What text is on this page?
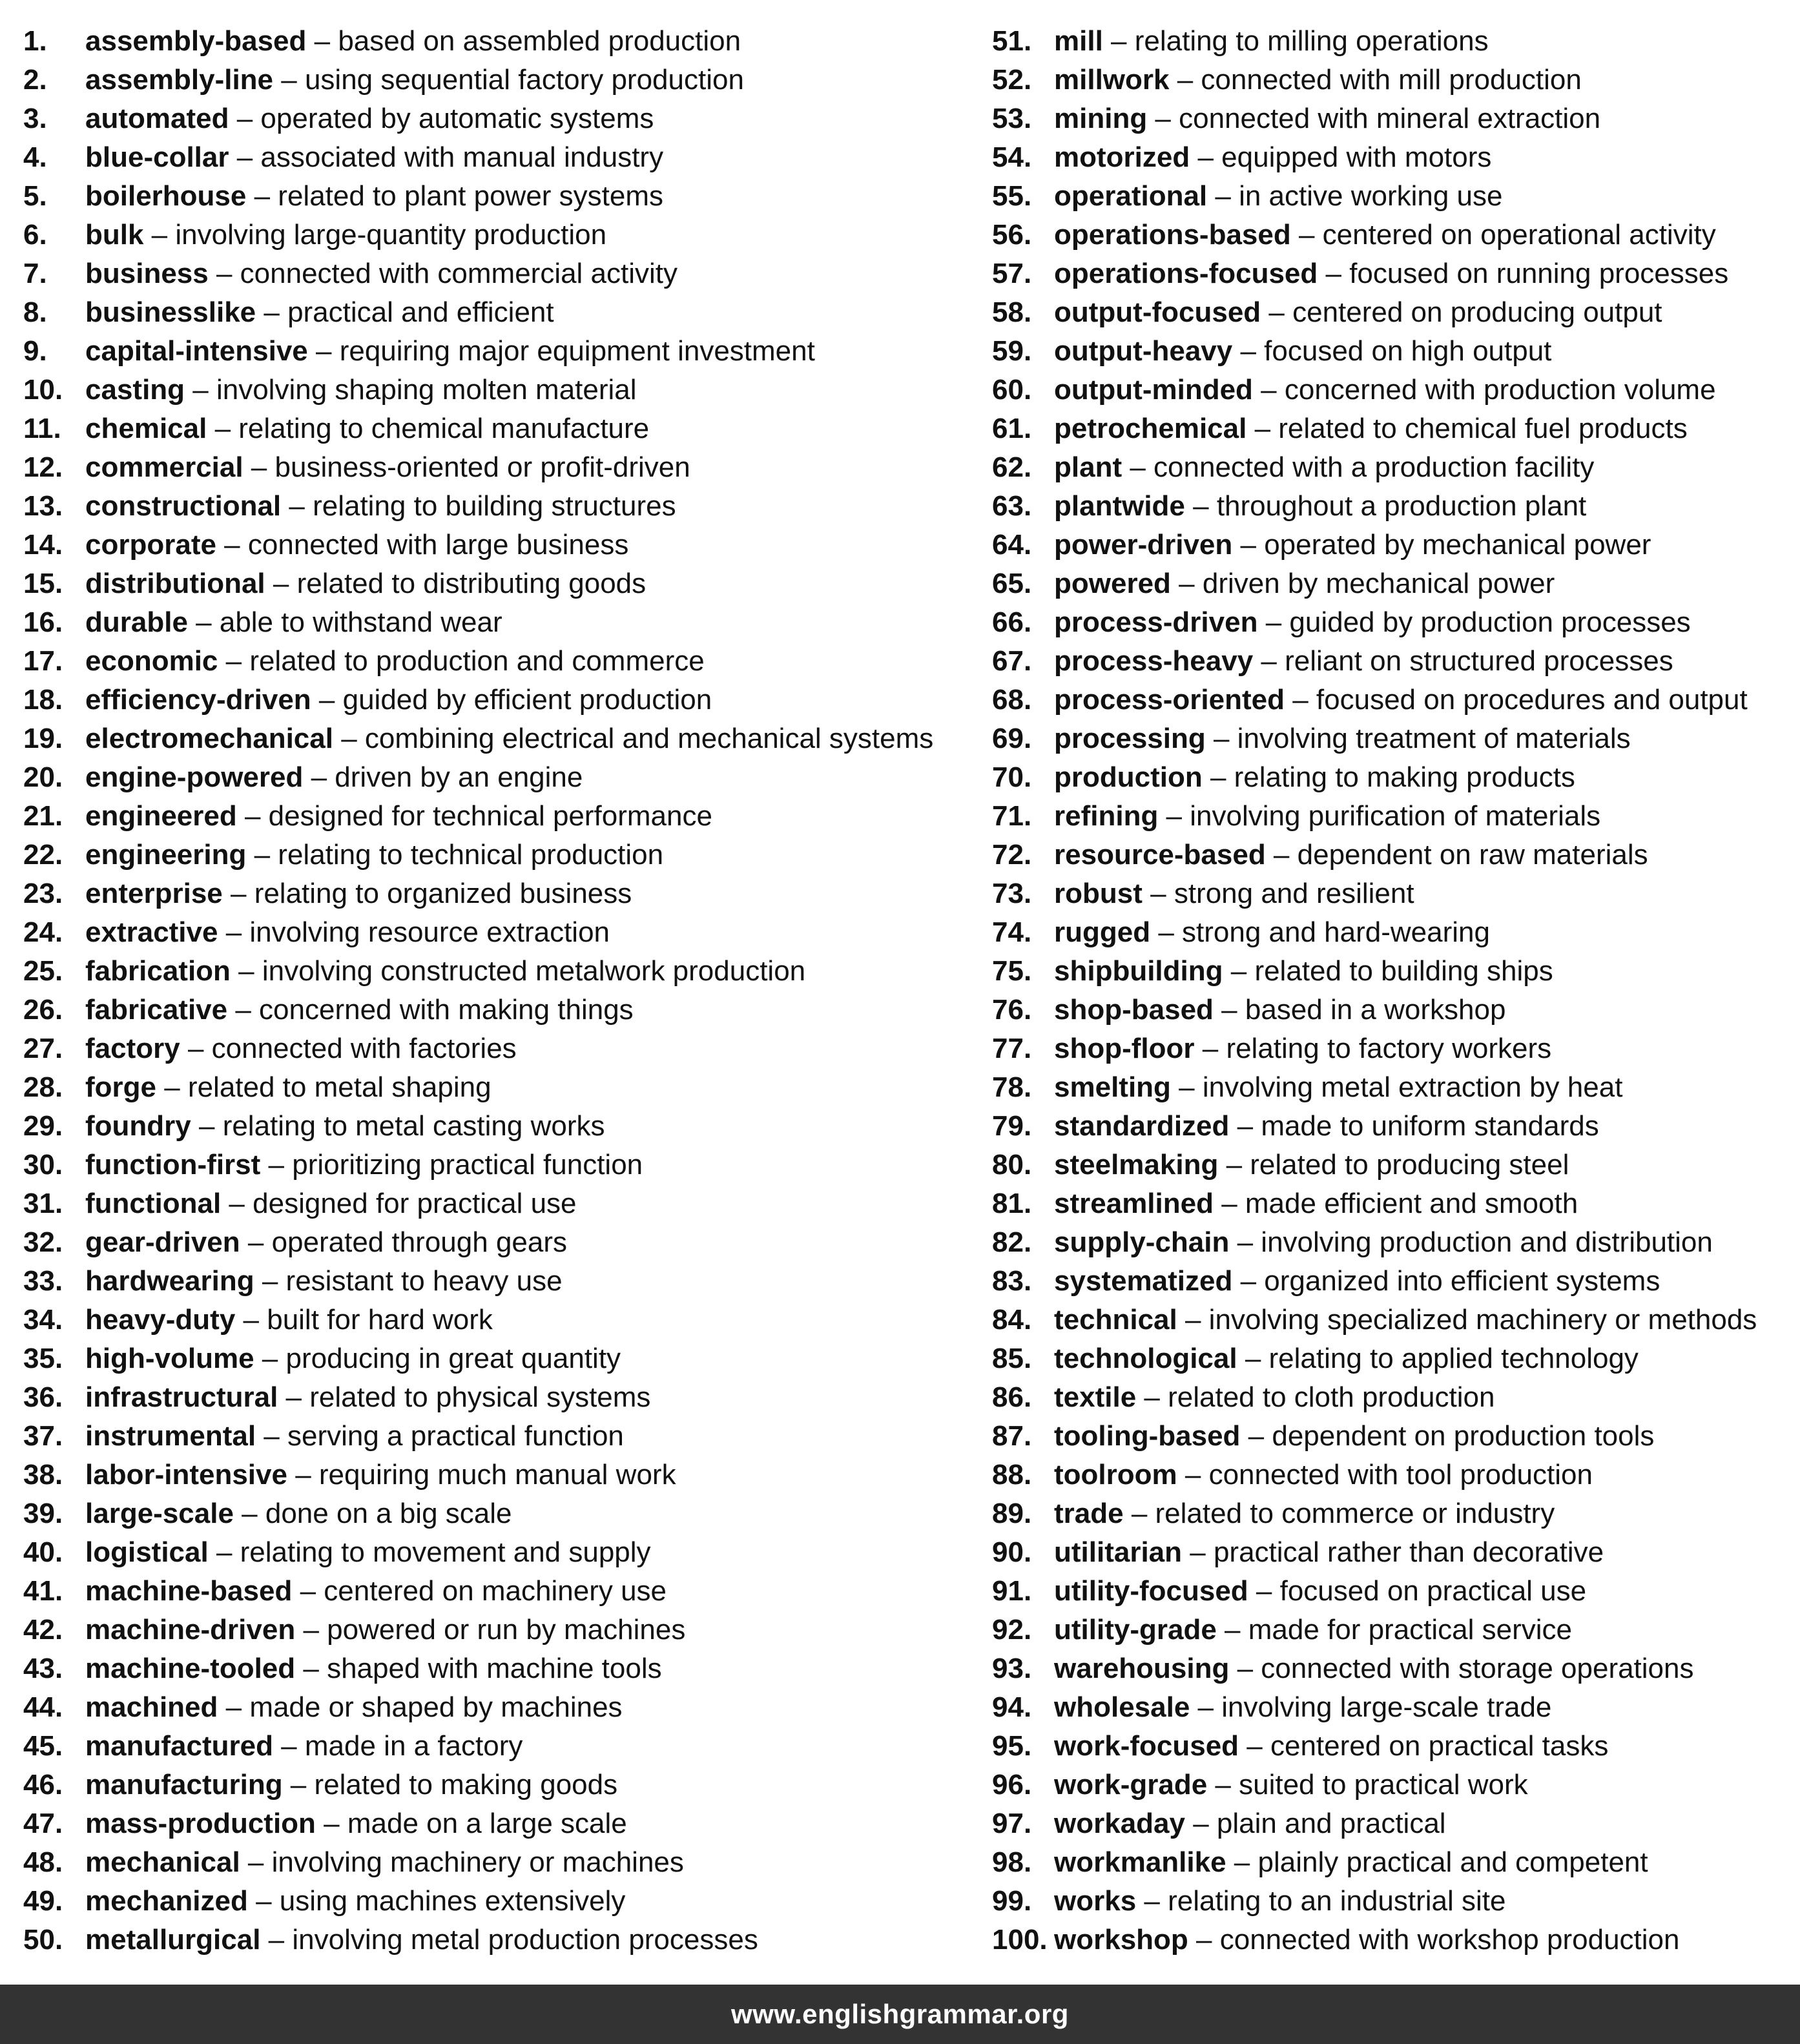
1.	assembly-based – based on assembled production
2.	assembly-line – using sequential factory production
3.	automated – operated by automatic systems
4.	blue-collar – associated with manual industry
5.	boilerhouse – related to plant power systems
6.	bulk – involving large-quantity production
7.	business – connected with commercial activity
8.	businesslike – practical and efficient
9.	capital-intensive – requiring major equipment investment
10. casting – involving shaping molten material
11. chemical – relating to chemical manufacture
12. commercial – business-oriented or profit-driven
13. constructional – relating to building structures
14. corporate – connected with large business
15. distributional – related to distributing goods
16. durable – able to withstand wear
17. economic – related to production and commerce
18. efficiency-driven – guided by efficient production
19. electromechanical – combining electrical and mechanical systems
20. engine-powered – driven by an engine
21. engineered – designed for technical performance
22. engineering – relating to technical production
23. enterprise – relating to organized business
24. extractive – involving resource extraction
25. fabrication – involving constructed metalwork production
26. fabricative – concerned with making things
27. factory – connected with factories
28. forge – related to metal shaping
29. foundry – relating to metal casting works
30. function-first – prioritizing practical function
31. functional – designed for practical use
32. gear-driven – operated through gears
33. hardwearing – resistant to heavy use
34. heavy-duty – built for hard work
35. high-volume – producing in great quantity
36. infrastructural – related to physical systems
37. instrumental – serving a practical function
38. labor-intensive – requiring much manual work
39. large-scale – done on a big scale
40. logistical – relating to movement and supply
41. machine-based – centered on machinery use
42. machine-driven – powered or run by machines
43. machine-tooled – shaped with machine tools
44. machined – made or shaped by machines
45. manufactured – made in a factory
46. manufacturing – related to making goods
47. mass-production – made on a large scale
48. mechanical – involving machinery or machines
49. mechanized – using machines extensively
50. metallurgical – involving metal production processes
51. mill – relating to milling operations
52. millwork – connected with mill production
53. mining – connected with mineral extraction
54. motorized – equipped with motors
55. operational – in active working use
56. operations-based – centered on operational activity
57. operations-focused – focused on running processes
58. output-focused – centered on producing output
59. output-heavy – focused on high output
60. output-minded – concerned with production volume
61. petrochemical – related to chemical fuel products
62. plant – connected with a production facility
63. plantwide – throughout a production plant
64. power-driven – operated by mechanical power
65. powered – driven by mechanical power
66. process-driven – guided by production processes
67. process-heavy – reliant on structured processes
68. process-oriented – focused on procedures and output
69. processing – involving treatment of materials
70. production – relating to making products
71. refining – involving purification of materials
72. resource-based – dependent on raw materials
73. robust – strong and resilient
74. rugged – strong and hard-wearing
75. shipbuilding – related to building ships
76. shop-based – based in a workshop
77. shop-floor – relating to factory workers
78. smelting – involving metal extraction by heat
79. standardized – made to uniform standards
80. steelmaking – related to producing steel
81. streamlined – made efficient and smooth
82. supply-chain – involving production and distribution
83. systematized – organized into efficient systems
84. technical – involving specialized machinery or methods
85. technological – relating to applied technology
86. textile – related to cloth production
87. tooling-based – dependent on production tools
88. toolroom – connected with tool production
89. trade – related to commerce or industry
90. utilitarian – practical rather than decorative
91. utility-focused – focused on practical use
92. utility-grade – made for practical service
93. warehousing – connected with storage operations
94. wholesale – involving large-scale trade
95. work-focused – centered on practical tasks
96. work-grade – suited to practical work
97. workaday – plain and practical
98. workmanlike – plainly practical and competent
99. works – relating to an industrial site
100. workshop – connected with workshop production
www.englishgrammar.org
